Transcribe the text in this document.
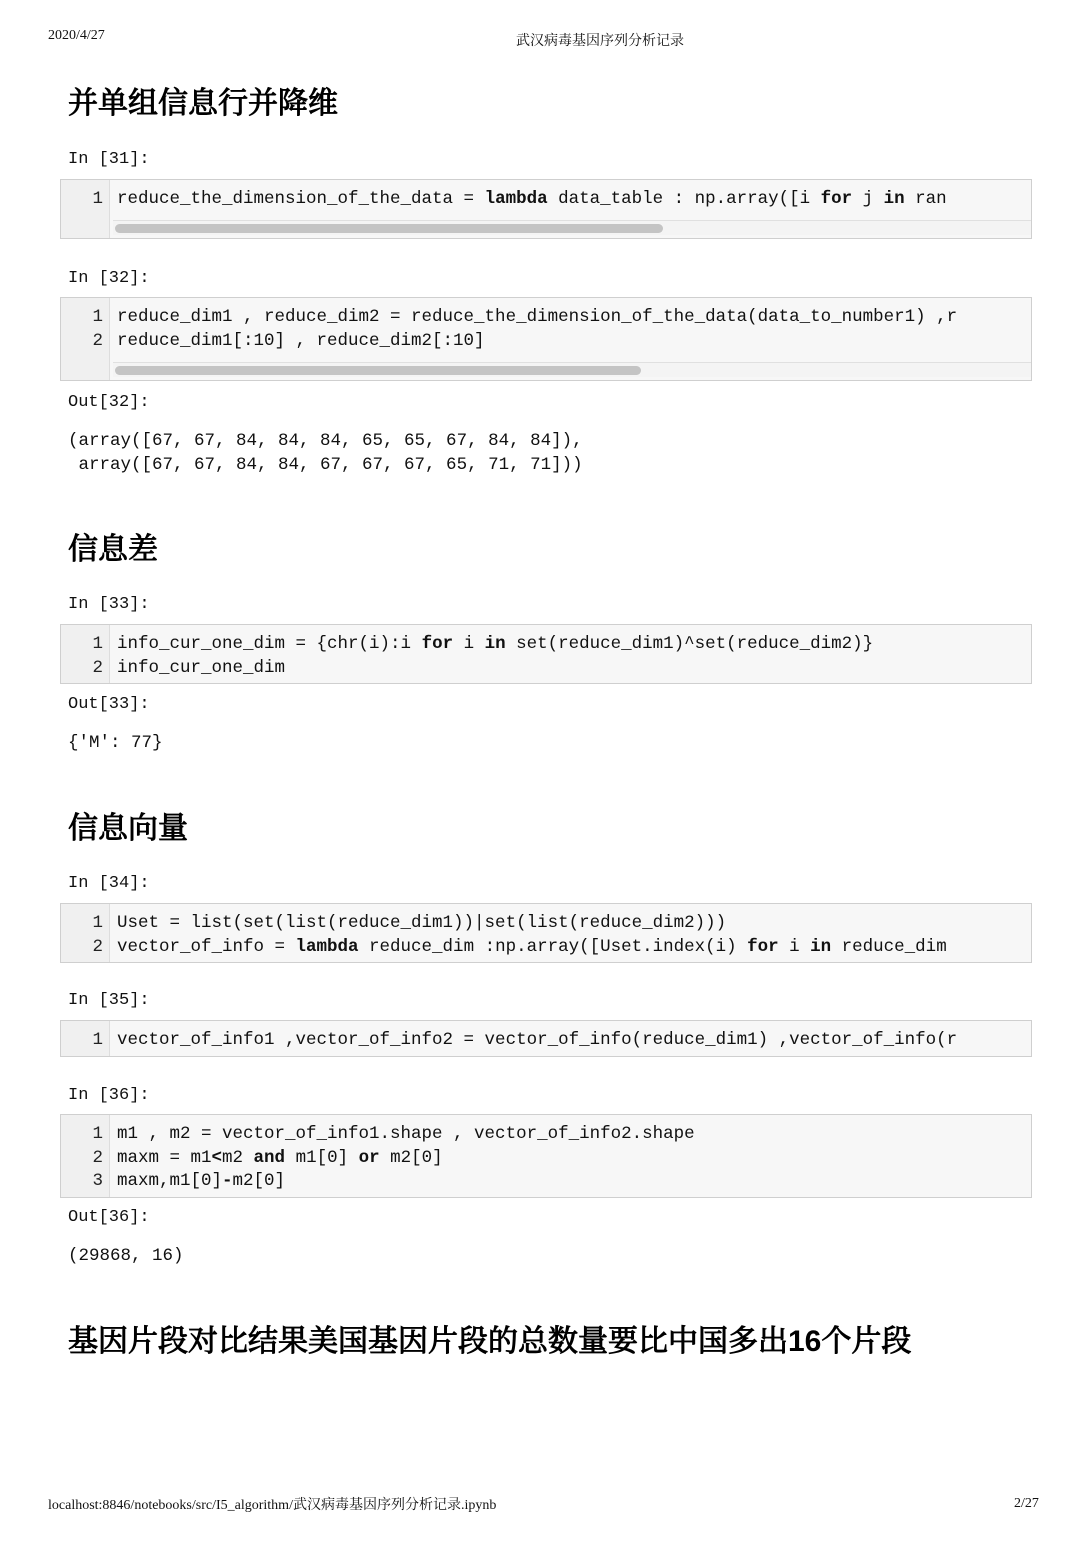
2020/4/27	武汉病毒基因序列分析记录
localhost:8846/notebooks/src/I5_algorithm/武汉病毒基因序列分析记录.ipynb	2/27
并单组信息行并降维
In [31]:
1 reduce_the_dimension_of_the_data = lambda data_table : np.array([i for j in ran
In [32]:
1 reduce_dim1 , reduce_dim2 = reduce_the_dimension_of_the_data(data_to_number1) ,r
2 reduce_dim1[:10] , reduce_dim2[:10]
Out[32]:
(array([67, 67, 84, 84, 84, 65, 65, 67, 84, 84]),
array([67, 67, 84, 84, 67, 67, 67, 65, 71, 71]))
信息差
In [33]:
1 info_cur_one_dim = {chr(i):i for i in set(reduce_dim1)^set(reduce_dim2)}
2 info_cur_one_dim
Out[33]:
{'M': 77}
信息向量
In [34]:
1 Uset = list(set(list(reduce_dim1))|set(list(reduce_dim2)))
2 vector_of_info = lambda reduce_dim :np.array([Uset.index(i) for i in reduce_dim
In [35]:
1 vector_of_info1 ,vector_of_info2 = vector_of_info(reduce_dim1) ,vector_of_info(r
In [36]:
1 m1 , m2 = vector_of_info1.shape , vector_of_info2.shape
2 maxm = m1<m2 and m1[0] or m2[0]
3 maxm,m1[0]-m2[0]
Out[36]:
(29868, 16)
基因片段对比结果美国基因片段的总数量要比中国多出16个片段
